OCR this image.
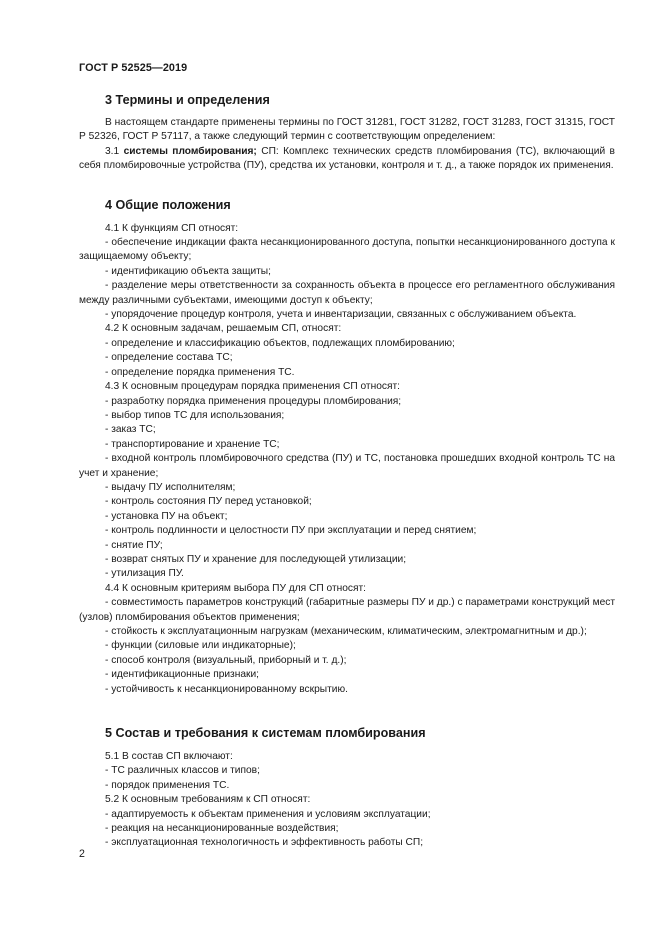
ГОСТ Р 52525—2019

3 Термины и определения

В настоящем стандарте применены термины по ГОСТ 31281, ГОСТ 31282, ГОСТ 31283, ГОСТ 31315, ГОСТ Р 52326, ГОСТ Р 57117, а также следующий термин с соответствующим определением:

3.1 системы пломбирования; СП: Комплекс технических средств пломбирования (ТС), включающий в себя пломбировочные устройства (ПУ), средства их установки, контроля и т. д., а также порядок их применения.

4 Общие положения

4.1 К функциям СП относят:

- обеспечение индикации факта несанкционированного доступа, попытки несанкционированного доступа к защищаемому объекту;

- идентификацию объекта защиты;

- разделение меры ответственности за сохранность объекта в процессе его регламентного обслуживания между различными субъектами, имеющими доступ к объекту;

- упорядочение процедур контроля, учета и инвентаризации, связанных с обслуживанием объекта.

4.2 К основным задачам, решаемым СП, относят:

- определение и классификацию объектов, подлежащих пломбированию;

- определение состава ТС;

- определение порядка применения ТС.

4.3 К основным процедурам порядка применения СП относят:

- разработку порядка применения процедуры пломбирования;

- выбор типов ТС для использования;

- заказ ТС;

- транспортирование и хранение ТС;

- входной контроль пломбировочного средства (ПУ) и ТС, постановка прошедших входной контроль ТС на учет и хранение;

- выдачу ПУ исполнителям;

- контроль состояния ПУ перед установкой;

- установка ПУ на объект;

- контроль подлинности и целостности ПУ при эксплуатации и перед снятием;

- снятие ПУ;

- возврат снятых ПУ и хранение для последующей утилизации;

- утилизация ПУ.

4.4 К основным критериям выбора ПУ для СП относят:

- совместимость параметров конструкций (габаритные размеры ПУ и др.) с параметрами конструкций мест (узлов) пломбирования объектов применения;

- стойкость к эксплуатационным нагрузкам (механическим, климатическим, электромагнитным и др.);

- функции (силовые или индикаторные);

- способ контроля (визуальный, приборный и т. д.);

- идентификационные признаки;

- устойчивость к несанкционированному вскрытию.

5 Состав и требования к системам пломбирования

5.1 В состав СП включают:

- ТС различных классов и типов;

- порядок применения ТС.

5.2 К основным требованиям к СП относят:

- адаптируемость к объектам применения и условиям эксплуатации;

- реакция на несанкционированные воздействия;

- эксплуатационная технологичность и эффективность работы СП;

2
